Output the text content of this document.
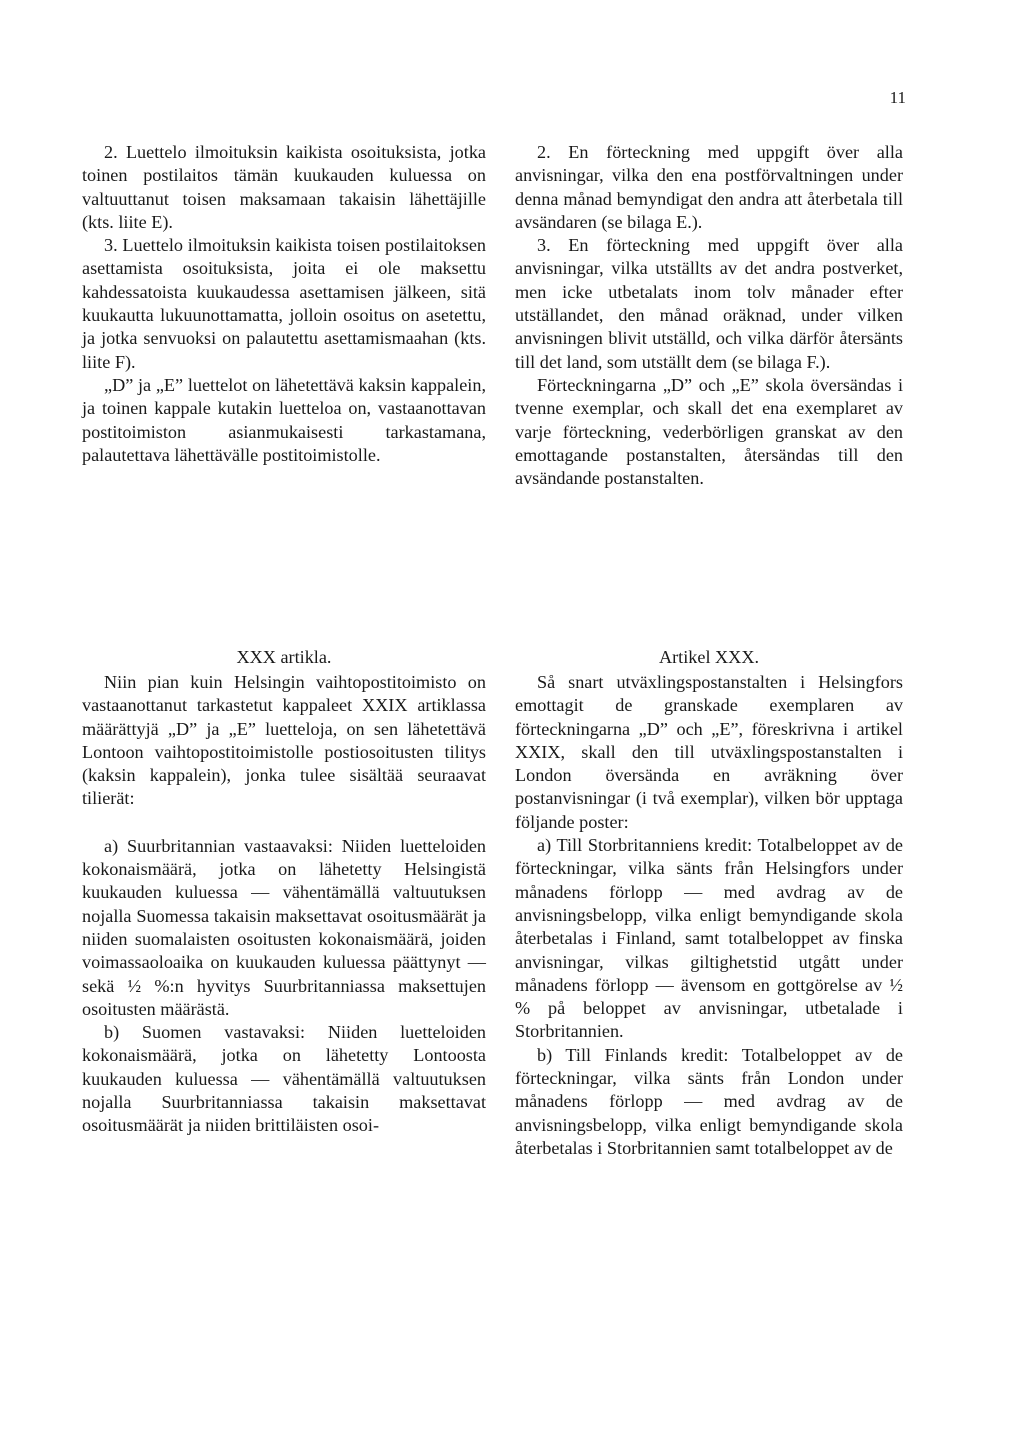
11

2. Luettelo ilmoituksin kaikista osoituksista, jotka toinen postilaitos tämän kuukauden kuluessa on valtuuttanut toisen maksamaan takaisin lähettäjille (kts. liite E).

3. Luettelo ilmoituksin kaikista toisen postilaitoksen asettamista osoituksista, joita ei ole maksettu kahdessatoista kuukaudessa asettamisen jälkeen, sitä kuukautta lukuunottamatta, jolloin osoitus on asetettu, ja jotka senvuoksi on palautettu asettamismaahan (kts. liite F).

„D” ja „E” luettelot on lähetettävä kaksin kappalein, ja toinen kappale kutakin luetteloa on, vastaanottavan postitoimiston asianmukaisesti tarkastamana, palautettava lähettävälle postitoimistolle.

2. En förteckning med uppgift över alla anvisningar, vilka den ena postförvaltningen under denna månad bemyndigat den andra att återbetala till avsändaren (se bilaga E.).

3. En förteckning med uppgift över alla anvisningar, vilka utställts av det andra postverket, men icke utbetalats inom tolv månader efter utställandet, den månad oräknad, under vilken anvisningen blivit utställd, och vilka därför återsänts till det land, som utställt dem (se bilaga F.).

Förteckningarna „D” och „E” skola översändas i tvenne exemplar, och skall det ena exemplaret av varje förteckning, vederbörligen granskat av den emottagande postanstalten, återsändas till den avsändande postanstalten.

XXX artikla.	Artikel XXX.

Niin pian kuin Helsingin vaihtopostitoimisto on vastaanottanut tarkastetut kappaleet XXIX artiklassa määrättyjä „D” ja „E” luetteloja, on sen lähetettävä Lontoon vaihtopostitoimistolle postiosoitusten tilitys (kaksin kappalein), jonka tulee sisältää seuraavat tilierät:

a) Suurbritannian vastaavaksi: Niiden luetteloiden kokonaismäärä, jotka on lähetetty Helsingistä kuukauden kuluessa — vähentämällä valtuutuksen nojalla Suomessa takaisin maksettavat osoitusmäärät ja niiden suomalaisten osoitusten kokonaismäärä, joiden voimassaoloaika on kuukauden kuluessa päättynyt —sekä ½ %:n hyvitys Suurbritanniassa maksettujen osoitusten määrästä.

b) Suomen vastavaksi: Niiden luetteloiden kokonaismäärä, jotka on lähetetty Lontoosta kuukauden kuluessa — vähentämällä valtuutuksen nojalla Suurbritanniassa takaisin maksettavat osoitusmäärät ja niiden brittiläisten osoi-

Så snart utväxlingspostanstalten i Helsingfors emottagit de granskade exemplaren av förteckningarna „D” och „E”, föreskrivna i artikel XXIX, skall den till utväxlingspostanstalten i London översända en avräkning över postanvisningar (i två exemplar), vilken bör upptaga följande poster:

a) Till Storbritanniens kredit: Totalbeloppet av de förteckningar, vilka sänts från Helsingfors under månadens förlopp — med avdrag av de anvisningsbelopp, vilka enligt bemyndigande skola återbetalas i Finland, samt totalbeloppet av finska anvisningar, vilkas giltighetstid utgått under månadens förlopp — ävensom en gottgörelse av ½ % på beloppet av anvisningar, utbetalade i Storbritannien.

b) Till Finlands kredit: Totalbeloppet av de förteckningar, vilka sänts från London under månadens förlopp — med avdrag av de anvisningsbelopp, vilka enligt bemyndigande skola återbetalas i Storbritannien samt totalbeloppet av de
